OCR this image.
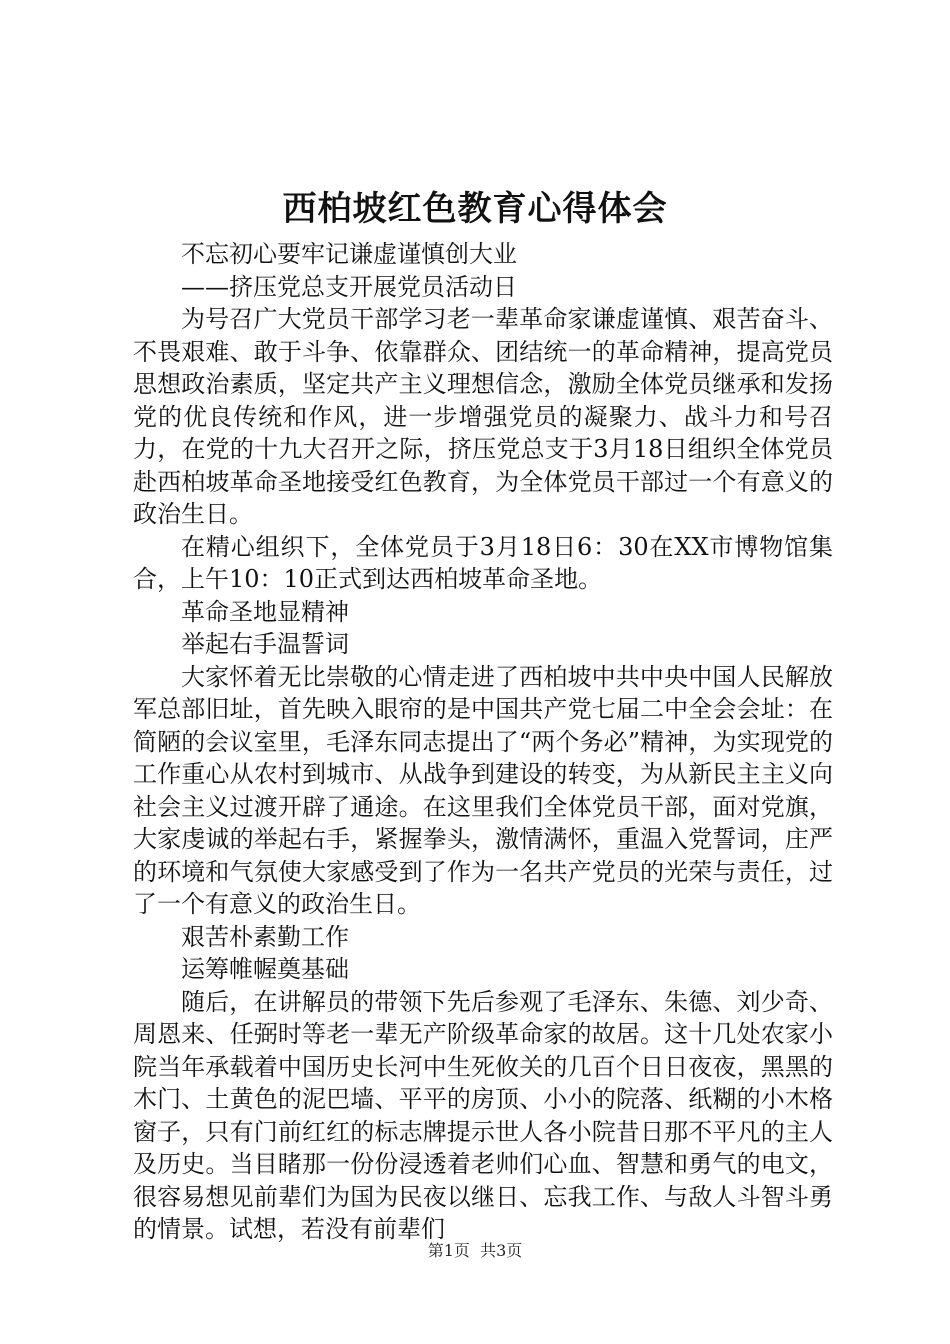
西柏坡红色教育心得体会

不忘初心要牢记谦虚谨慎创大业

——挤压党总支开展党员活动日

为号召广大党员干部学习老一辈革命家谦虚谨慎、艰苦奋斗、不畏艰难、敢于斗争、依靠群众、团结统一的革命精神，提高党员思想政治素质，坚定共产主义理想信念，激励全体党员继承和发扬党的优良传统和作风，进一步增强党员的凝聚力、战斗力和号召力，在党的十九大召开之际，挤压党总支于3月18日组织全体党员赴西柏坡革命圣地接受红色教育，为全体党员干部过一个有意义的政治生日。

在精心组织下，全体党员于3月18日6：30在XX市博物馆集合，上午10：10正式到达西柏坡革命圣地。

革命圣地显精神

举起右手温誓词

大家怀着无比崇敬的心情走进了西柏坡中共中央中国人民解放军总部旧址，首先映入眼帘的是中国共产党七届二中全会会址：在简陋的会议室里，毛泽东同志提出了“两个务必”精神，为实现党的工作重心从农村到城市、从战争到建设的转变，为从新民主主义向社会主义过渡开辟了通途。在这里我们全体党员干部，面对党旗，大家虔诚的举起右手，紧握拳头，激情满怀，重温入党誓词，庄严的环境和气氛使大家感受到了作为一名共产党员的光荣与责任，过了一个有意义的政治生日。

艰苦朴素勤工作

运筹帷幄奠基础

随后，在讲解员的带领下先后参观了毛泽东、朱德、刘少奇、周恩来、任弼时等老一辈无产阶级革命家的故居。这十几处农家小院当年承载着中国历史长河中生死攸关的几百个日日夜夜，黑黑的木门、土黄色的泥巴墙、平平的房顶、小小的院落、纸糊的小木格窗子，只有门前红红的标志牌提示世人各小院昔日那不平凡的主人及历史。当目睹那一份份浸透着老帅们心血、智慧和勇气的电文，很容易想见前辈们为国为民夜以继日、忘我工作、与敌人斗智斗勇的情景。试想，若没有前辈们

第1页 共3页
